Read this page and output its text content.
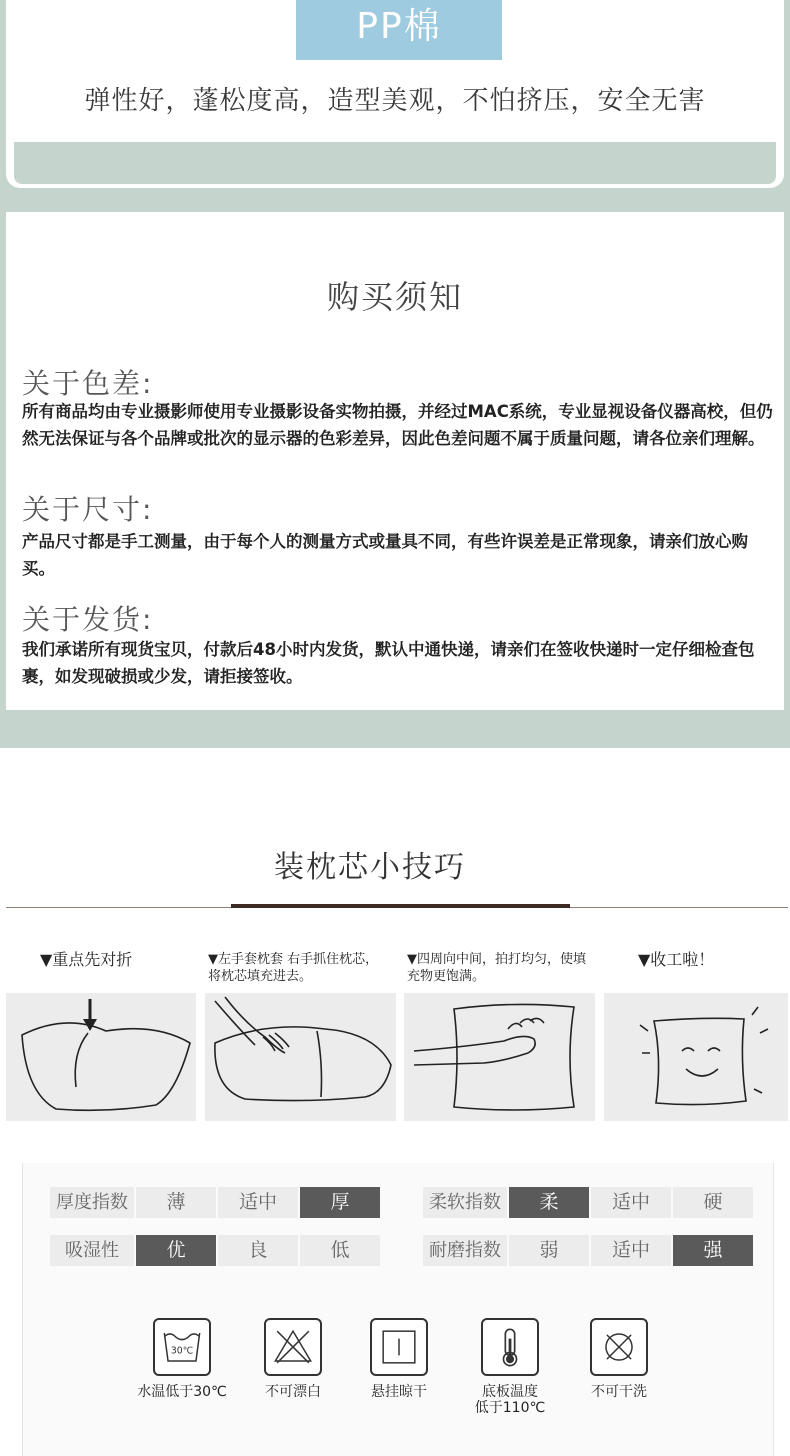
PP棉
弹性好，蓬松度高，造型美观，不怕挤压，安全无害
购买须知
关于色差:
所有商品均由专业摄影师使用专业摄影设备实物拍摄，并经过MAC系统，专业显视设备仪器高校，但仍然无法保证与各个品牌或批次的显示器的色彩差异，因此色差问题不属于质量问题，请各位亲们理解。
关于尺寸:
产品尺寸都是手工测量，由于每个人的测量方式或量具不同，有些许误差是正常现象，请亲们放心购买。
关于发货:
我们承诺所有现货宝贝，付款后48小时内发货，默认中通快递，请亲们在签收快递时一定仔细检查包裹，如发现破损或少发，请拒接签收。
装枕芯小技巧
▼重点先对折	▼左手套枕套 右手抓住枕芯，将枕芯填充进去。
▼四周向中间，拍打均匀，使填充物更饱满。
▼收工啦！
厚度指数	薄	适中	厚	柔软指数	柔	适中	硬
吸湿性	优	良	低	耐磨指数	弱	适中	强
30℃
水温低于30℃	不可漂白	悬挂晾干	底板温度
低于110℃
不可干洗
